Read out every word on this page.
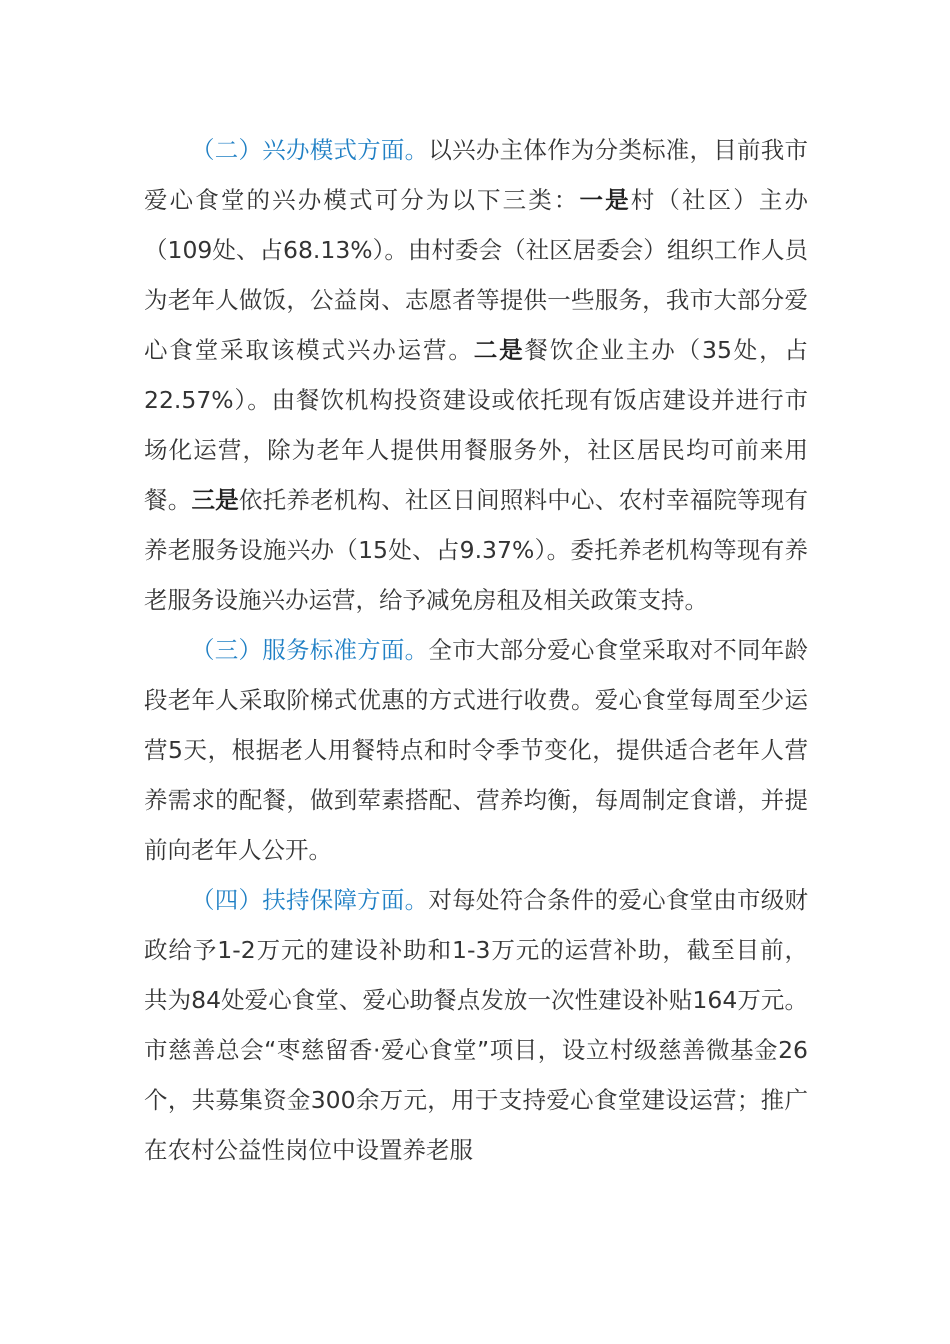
（二）兴办模式方面。以兴办主体作为分类标准，目前我市爱心食堂的兴办模式可分为以下三类：一是村（社区）主办（109处、占68.13%）。由村委会（社区居委会）组织工作人员为老年人做饭，公益岗、志愿者等提供一些服务，我市大部分爱心食堂采取该模式兴办运营。二是餐饮企业主办（35处，占22.57%）。由餐饮机构投资建设或依托现有饭店建设并进行市场化运营，除为老年人提供用餐服务外，社区居民均可前来用餐。三是依托养老机构、社区日间照料中心、农村幸福院等现有养老服务设施兴办（15处、占9.37%）。委托养老机构等现有养老服务设施兴办运营，给予减免房租及相关政策支持。

（三）服务标准方面。全市大部分爱心食堂采取对不同年龄段老年人采取阶梯式优惠的方式进行收费。爱心食堂每周至少运营5天，根据老人用餐特点和时令季节变化，提供适合老年人营养需求的配餐，做到荤素搭配、营养均衡，每周制定食谱，并提前向老年人公开。

（四）扶持保障方面。对每处符合条件的爱心食堂由市级财政给予1-2万元的建设补助和1-3万元的运营补助，截至目前，共为84处爱心食堂、爱心助餐点发放一次性建设补贴164万元。市慈善总会“枣慈留香·爱心食堂”项目，设立村级慈善微基金26个，共募集资金300余万元，用于支持爱心食堂建设运营；推广在农村公益性岗位中设置养老服
